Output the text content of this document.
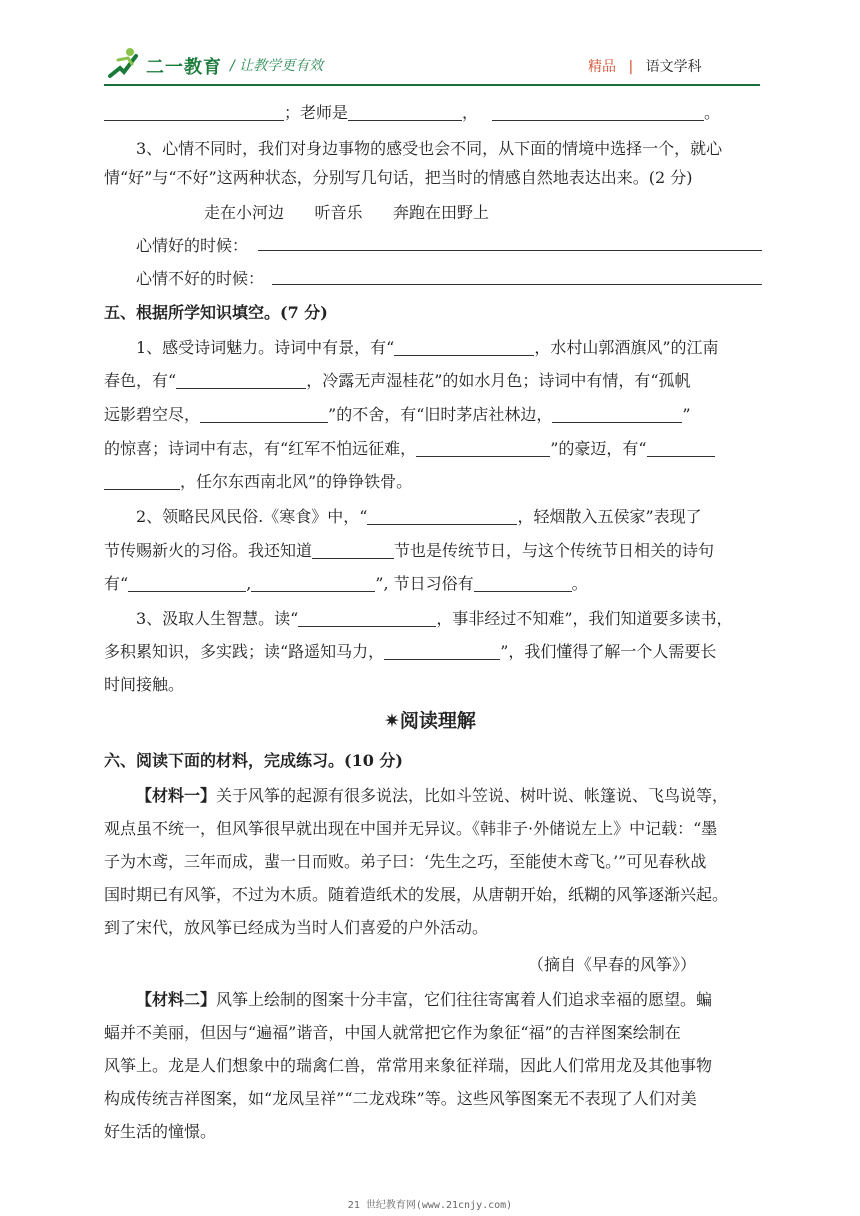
二一教育 / 让教学更有效	精品 | 语文学科
；老师是	，	。
3、心情不同时，我们对身边事物的感受也会不同，从下面的情境中选择一个，就心
情“好”与“不好”这两种状态，分别写几句话，把当时的情感自然地表达出来。(2 分)
走在小河边      听音乐      奔跑在田野上
心情好的时候：
心情不好的时候：
五、根据所学知识填空。(7 分)
1、感受诗词魅力。诗词中有景，有“	，水村山郭酒旗风”的江南
春色，有“	，冷露无声湿桂花”的如水月色；诗词中有情，有“孤帆
远影碧空尽，	”的不舍，有“旧时茅店社林边，	”
的惊喜；诗词中有志，有“红军不怕远征难，	”的豪迈，有“
，任尔东西南北风”的铮铮铁骨。
2、领略民风民俗.《寒食》中，“	，轻烟散入五侯家”表现了
节传赐新火的习俗。我还知道	节也是传统节日，与这个传统节日相关的诗句
有“	,	”, 节日习俗有	。
3、汲取人生智慧。读“	，事非经过不知难”，我们知道要多读书，
多积累知识，多实践；读“路遥知马力，	”，我们懂得了解一个人需要长
时间接触。
✷阅读理解
六、阅读下面的材料，完成练习。(10 分)
【材料一】关于风筝的起源有很多说法，比如斗笠说、树叶说、帐篷说、飞鸟说等，
观点虽不统一，但风筝很早就出现在中国并无异议。《韩非子·外储说左上》中记载：“墨
子为木鸢，三年而成，蜚一日而败。弟子曰：‘先生之巧，至能使木鸢飞。’”可见春秋战
国时期已有风筝，不过为木质。随着造纸术的发展，从唐朝开始，纸糊的风筝逐渐兴起。
到了宋代，放风筝已经成为当时人们喜爱的户外活动。
（摘自《早春的风筝》）
【材料二】风筝上绘制的图案十分丰富，它们往往寄寓着人们追求幸福的愿望。蝙
蝠并不美丽，但因与“遍福”谐音，中国人就常把它作为象征“福”的吉祥图案绘制在
风筝上。龙是人们想象中的瑞禽仁兽，常常用来象征祥瑞，因此人们常用龙及其他事物
构成传统吉祥图案，如“龙凤呈祥”“二龙戏珠”等。这些风筝图案无不表现了人们对美
好生活的憧憬。
21 世纪教育网(www.21cnjy.com)
